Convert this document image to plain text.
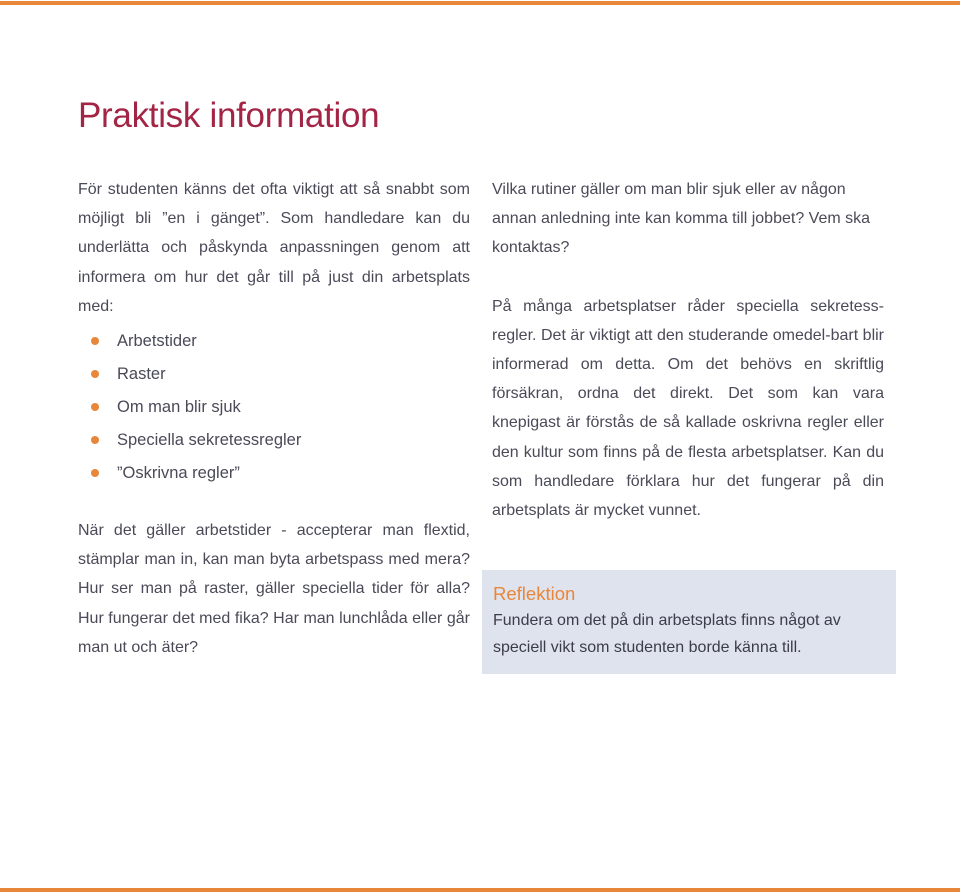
Praktisk information

För studenten känns det ofta viktigt att så snabbt som möjligt bli ”en i gänget”. Som handledare kan du underlätta och påskynda anpassningen genom att informera om hur det går till på just din arbetsplats med:

Arbetstider
Raster
Om man blir sjuk
Speciella sekretessregler
”Oskrivna regler”

När det gäller arbetstider - accepterar man flextid, stämplar man in, kan man byta arbetspass med mera? Hur ser man på raster, gäller speciella tider för alla? Hur fungerar det med fika? Har man lunchlåda eller går man ut och äter?

Vilka rutiner gäller om man blir sjuk eller av någon annan anledning inte kan komma till jobbet? Vem ska kontaktas?

På många arbetsplatser råder speciella sekretess-regler. Det är viktigt att den studerande omedel-bart blir informerad om detta. Om det behövs en skriftlig försäkran, ordna det direkt. Det som kan vara knepigast är förstås de så kallade oskrivna regler eller den kultur som finns på de flesta arbetsplatser. Kan du som handledare förklara hur det fungerar på din arbetsplats är mycket vunnet.

Reflektion

Fundera om det på din arbetsplats finns något av speciell vikt som studenten borde känna till.
